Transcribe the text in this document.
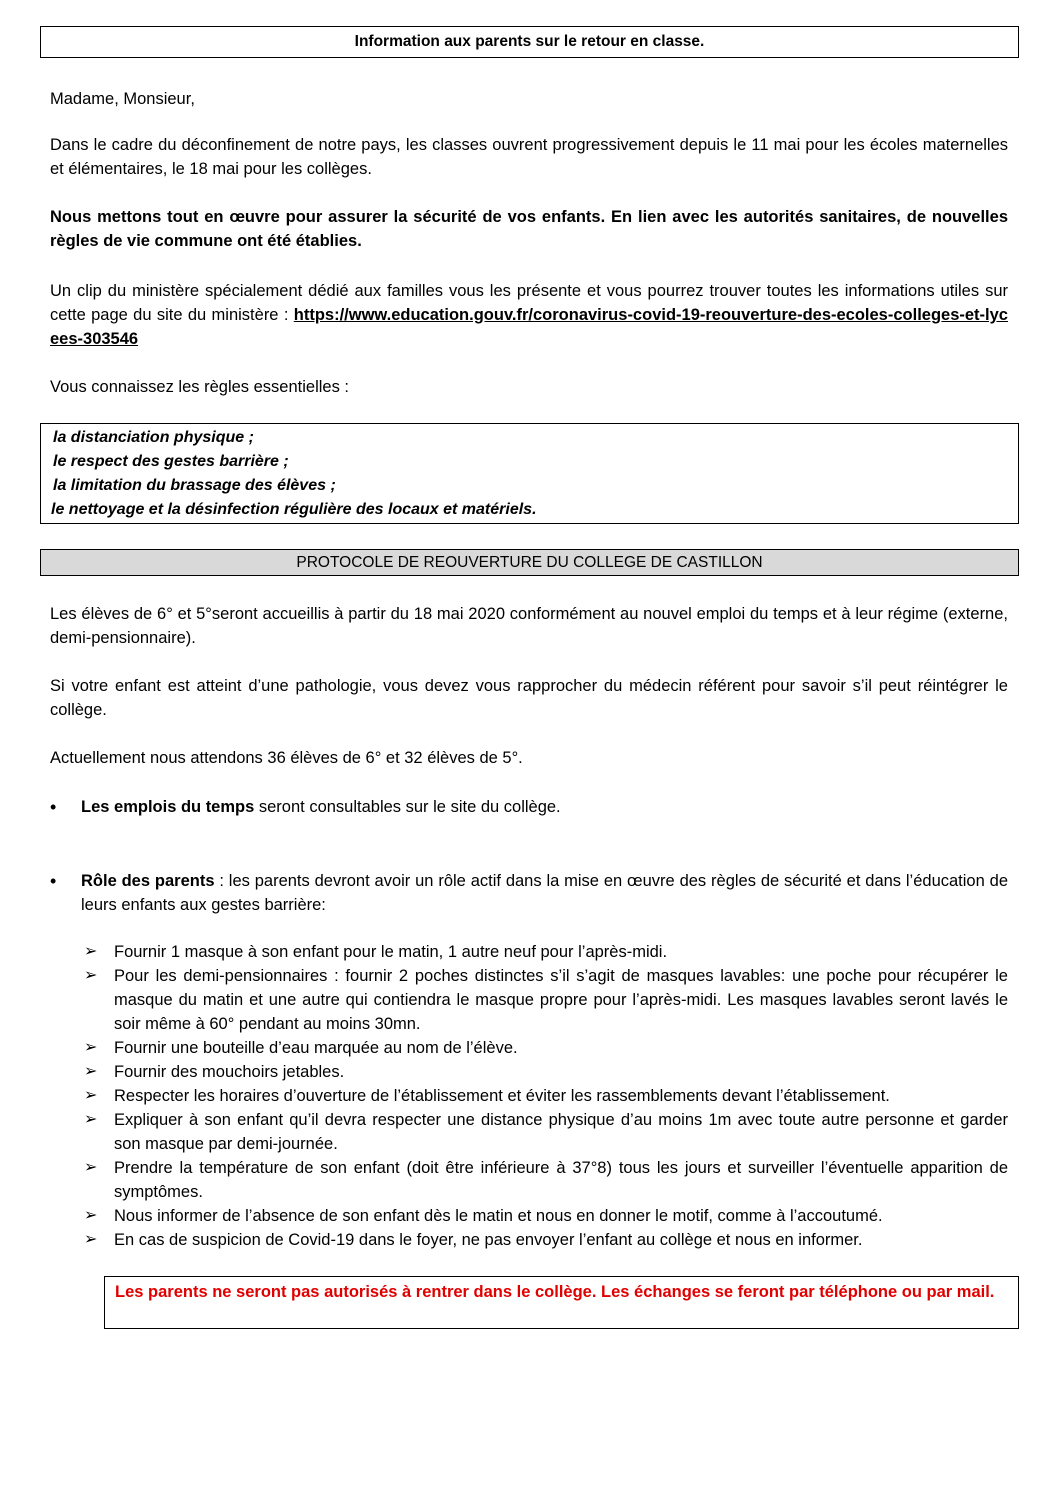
Information aux parents sur le retour en classe.
Madame, Monsieur,
Dans le cadre du déconfinement de notre pays, les classes ouvrent progressivement depuis le 11 mai pour les écoles maternelles et élémentaires, le 18 mai pour les collèges.
Nous mettons tout en œuvre pour assurer la sécurité de vos enfants. En lien avec les autorités sanitaires, de nouvelles règles de vie commune ont été établies.
Un clip du ministère spécialement dédié aux familles vous les présente et vous pourrez trouver toutes les informations utiles sur cette page du site du ministère : https://www.education.gouv.fr/coronavirus-covid-19-reouverture-des-ecoles-colleges-et-lycees-303546
Vous connaissez les règles essentielles :
la distanciation physique ;
le respect des gestes barrière ;
la limitation du brassage des élèves ;
le nettoyage et la désinfection régulière des locaux et matériels.
PROTOCOLE DE REOUVERTURE DU COLLEGE DE CASTILLON
Les élèves de 6° et 5°seront accueillis à partir du 18 mai 2020 conformément au nouvel emploi du temps et à leur régime (externe, demi-pensionnaire).
Si votre enfant est atteint d’une pathologie, vous devez vous rapprocher du médecin référent pour savoir s’il peut réintégrer le collège.
Actuellement nous attendons 36 élèves de 6° et 32 élèves de 5°.
•	Les emplois du temps seront consultables sur le site du collège.
•	Rôle des parents : les parents devront avoir un rôle actif dans la mise en œuvre des règles de sécurité et dans l’éducation de leurs enfants aux gestes barrière:
➢ Fournir 1 masque à son enfant pour le matin, 1 autre neuf pour l’après-midi.
➢ Pour les demi-pensionnaires : fournir 2 poches distinctes s’il s’agit de masques lavables: une poche pour récupérer le masque du matin et une autre qui contiendra le masque propre pour l’après-midi. Les masques lavables seront lavés le soir même à 60° pendant au moins 30mn.
➢ Fournir une bouteille d’eau marquée au nom de l’élève.
➢ Fournir des mouchoirs jetables.
➢ Respecter les horaires d’ouverture de l’établissement et éviter les rassemblements devant l’établissement.
➢ Expliquer à son enfant qu’il devra respecter une distance physique d’au moins 1m avec toute autre personne et garder son masque par demi-journée.
➢ Prendre la température de son enfant (doit être inférieure à 37°8) tous les jours et surveiller l’éventuelle apparition de symptômes.
➢ Nous informer de l’absence de son enfant dès le matin et nous en donner le motif, comme à l’accoutumé.
➢ En cas de suspicion de Covid-19 dans le foyer, ne pas envoyer l’enfant au collège et nous en informer.
Les parents ne seront pas autorisés à rentrer dans le collège. Les échanges se feront par téléphone ou par mail.
